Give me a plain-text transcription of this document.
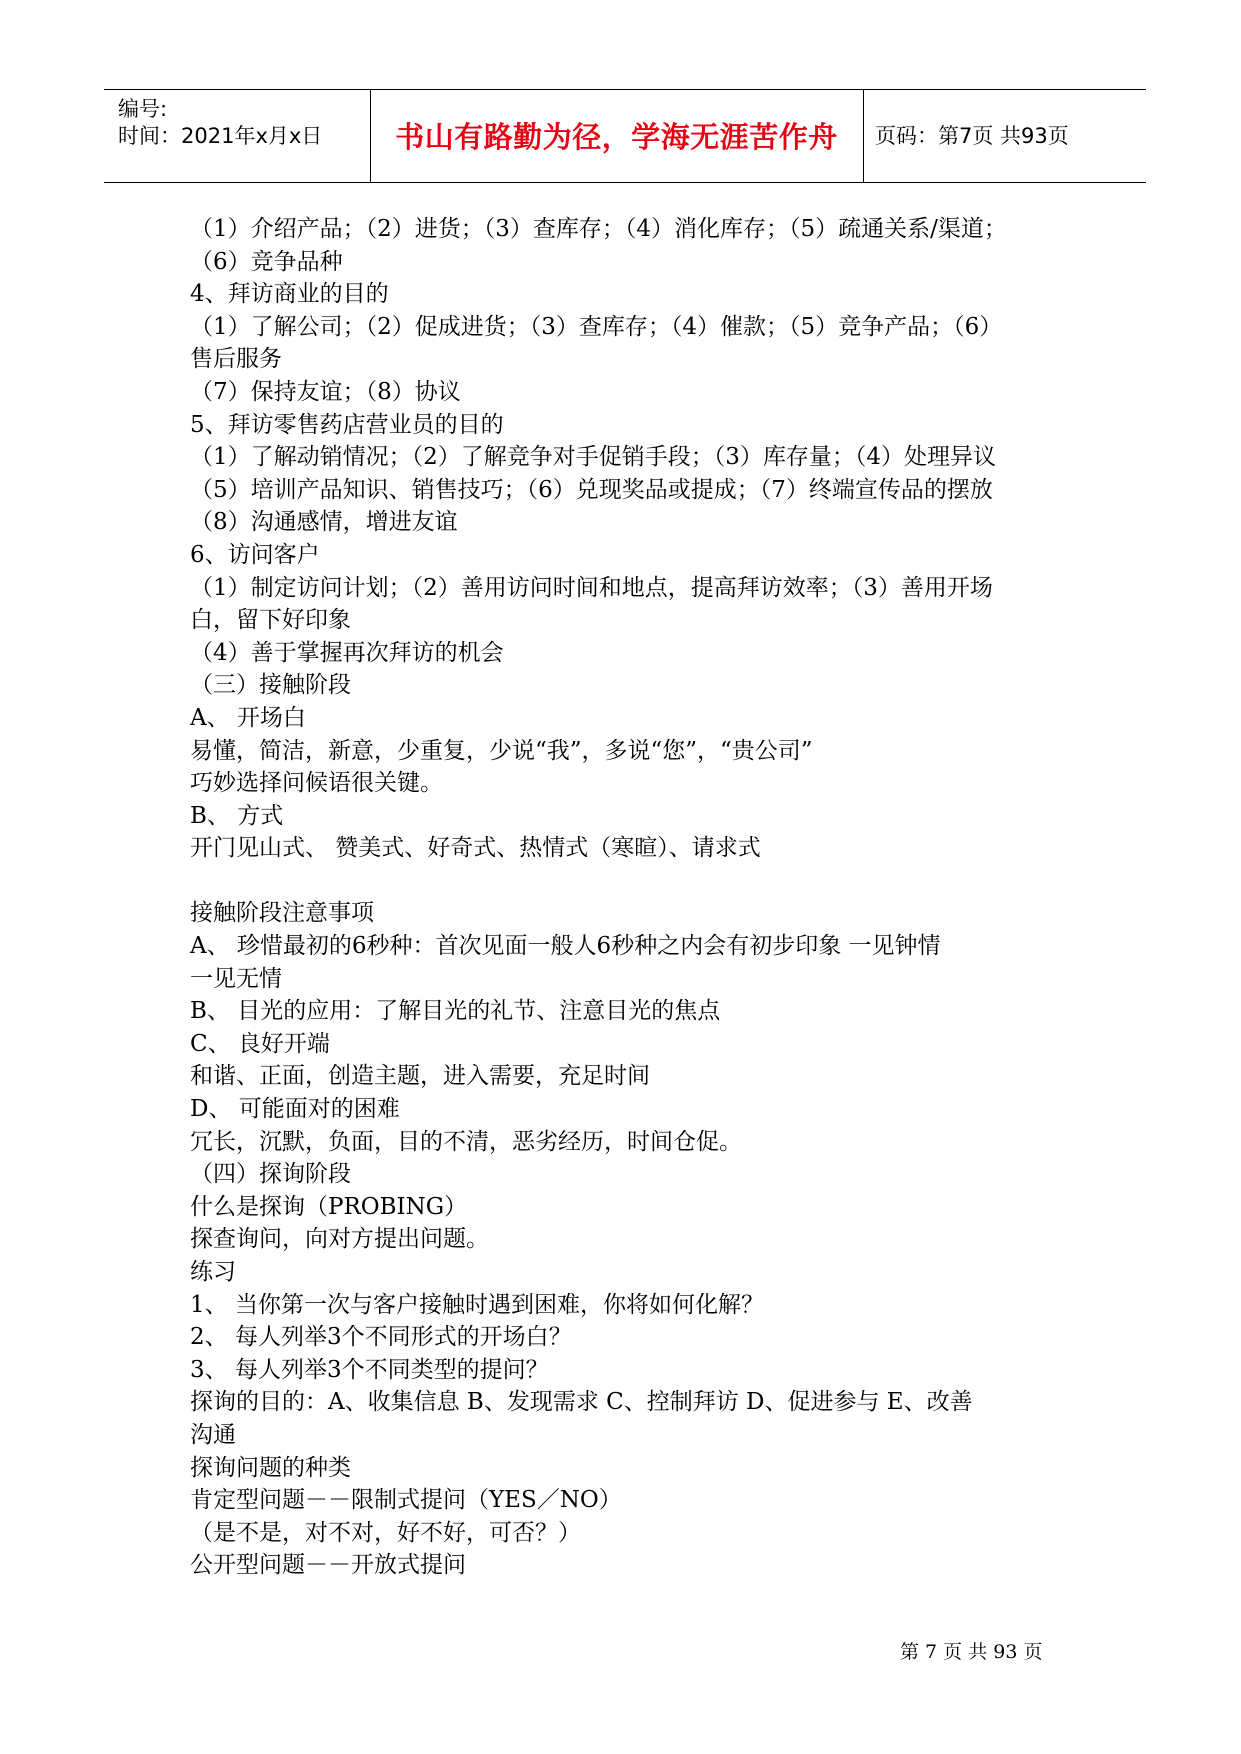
编号:
时间：2021年x月x日	书山有路勤为径，学海无涯苦作舟	页码：第7页 共93页
（1）介绍产品；（2）进货；（3）查库存；（4）消化库存；（5）疏通关系/渠道；
（6）竞争品种
4、拜访商业的目的
（1）了解公司；（2）促成进货；（3）查库存；（4）催款；（5）竞争产品；（6）
售后服务
（7）保持友谊；（8）协议
5、拜访零售药店营业员的目的
（1）了解动销情况；（2）了解竞争对手促销手段；（3）库存量；（4）处理异议
（5）培训产品知识、销售技巧；（6）兑现奖品或提成；（7）终端宣传品的摆放
（8）沟通感情，增进友谊
6、访问客户
（1）制定访问计划；（2）善用访问时间和地点，提高拜访效率；（3）善用开场
白，留下好印象
（4）善于掌握再次拜访的机会
（三）接触阶段
A、 开场白
易懂，简洁，新意，少重复，少说“我”，多说“您”，“贵公司”
巧妙选择问候语很关键。
B、 方式
开门见山式、 赞美式、好奇式、热情式（寒暄）、请求式
接触阶段注意事项
A、 珍惜最初的6秒种：首次见面一般人6秒种之内会有初步印象 一见钟情
一见无情
B、 目光的应用：了解目光的礼节、注意目光的焦点
C、 良好开端
和谐、正面，创造主题，进入需要，充足时间
D、 可能面对的困难
冗长，沉默，负面，目的不清，恶劣经历，时间仓促。
（四）探询阶段
什么是探询（PROBING）
探查询问，向对方提出问题。
练习
1、 当你第一次与客户接触时遇到困难，你将如何化解？
2、 每人列举3个不同形式的开场白？
3、 每人列举3个不同类型的提问？
探询的目的：A、收集信息 B、发现需求 C、控制拜访 D、促进参与 E、改善
沟通
探询问题的种类
肯定型问题－－限制式提问（YES／NO）
（是不是，对不对，好不好，可否？）
公开型问题－－开放式提问
第 7 页 共 93 页
